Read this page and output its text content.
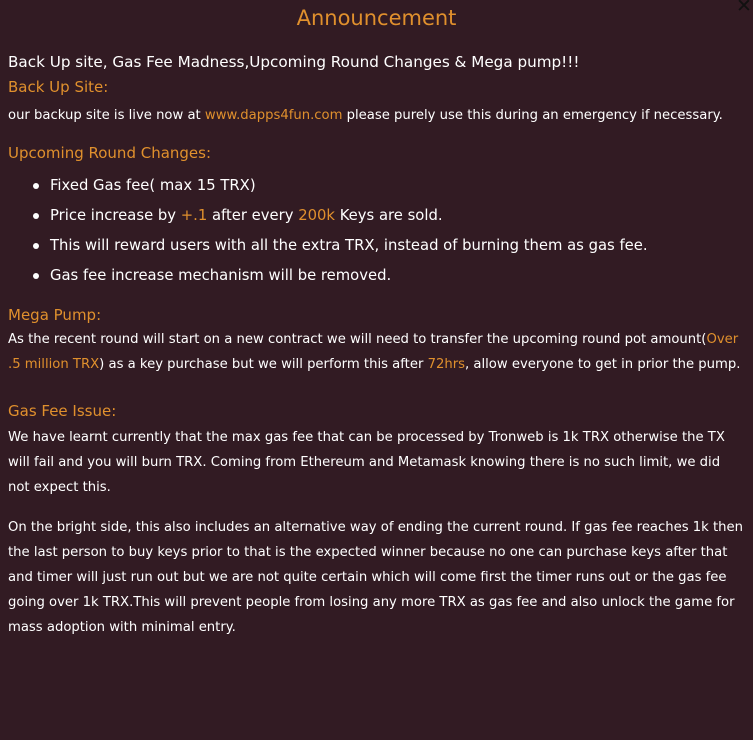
Announcement	✕
Back Up site, Gas Fee Madness,Upcoming Round Changes & Mega pump!!!
Back Up Site:

our backup site is live now at www.dapps4fun.com please purely use this during an emergency if necessary.

Upcoming Round Changes:
Fixed Gas fee( max 15 TRX)
Price increase by +.1 after every 200k Keys are sold.
This will reward users with all the extra TRX, instead of burning them as gas fee.
Gas fee increase mechanism will be removed.
Mega Pump:

As the recent round will start on a new contract we will need to transfer the upcoming round pot amount(Over .5 million TRX) as a key purchase but we will perform this after 72hrs, allow everyone to get in prior the pump.

Gas Fee Issue:

We have learnt currently that the max gas fee that can be processed by Tronweb is 1k TRX otherwise the TX will fail and you will burn TRX. Coming from Ethereum and Metamask knowing there is no such limit, we did not expect this.

On the bright side, this also includes an alternative way of ending the current round. If gas fee reaches 1k then the last person to buy keys prior to that is the expected winner because no one can purchase keys after that and timer will just run out but we are not quite certain which will come first the timer runs out or the gas fee going over 1k TRX.This will prevent people from losing any more TRX as gas fee and also unlock the game for mass adoption with minimal entry.
